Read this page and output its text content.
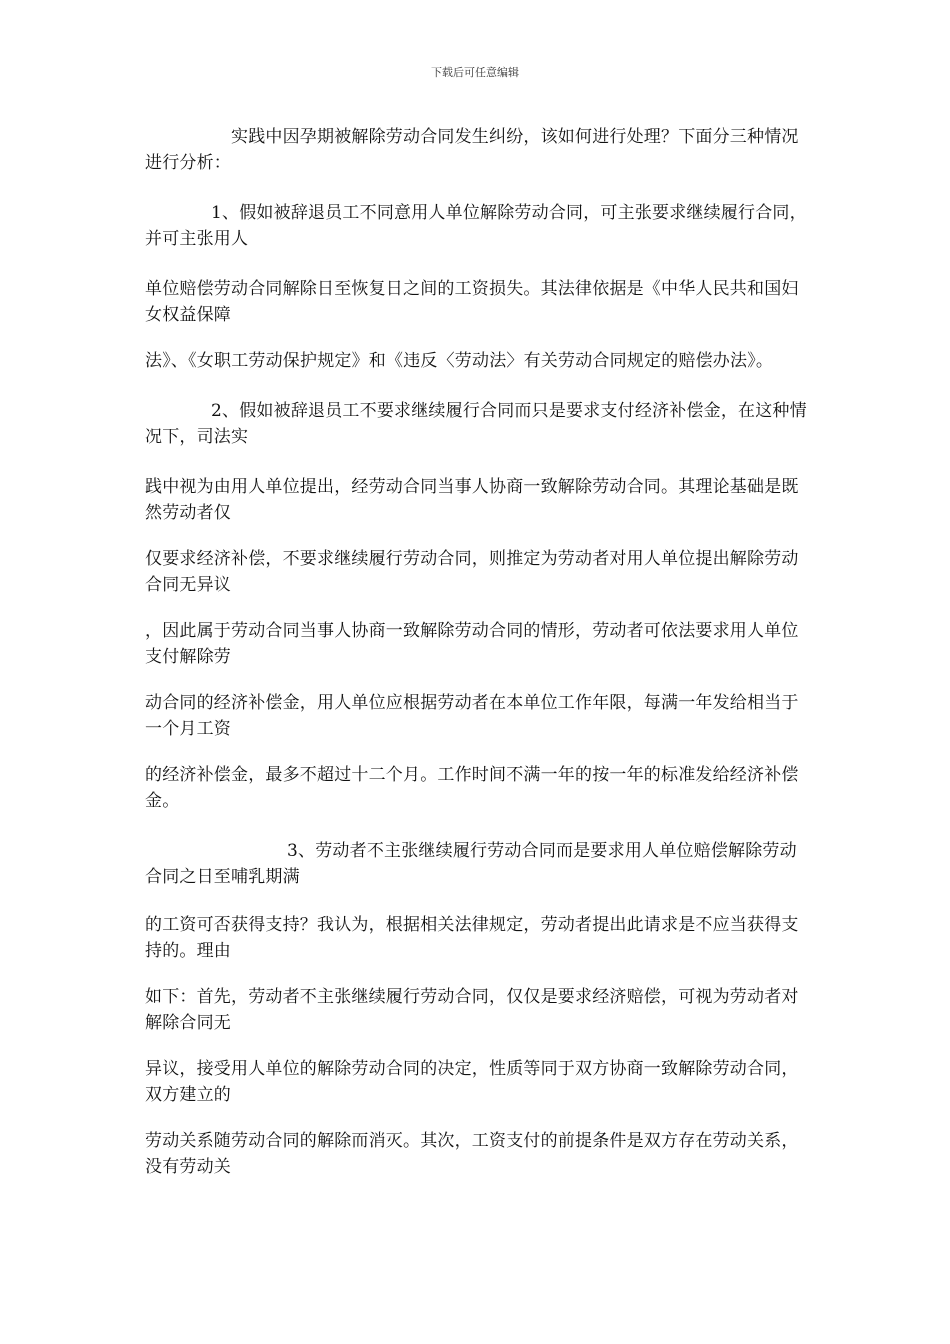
下载后可任意编辑

实践中因孕期被解除劳动合同发生纠纷，该如何进行处理？下面分三种情况进行分析：

1、假如被辞退员工不同意用人单位解除劳动合同，可主张要求继续履行合同，并可主张用人

单位赔偿劳动合同解除日至恢复日之间的工资损失。其法律依据是《中华人民共和国妇女权益保障

法》、《女职工劳动保护规定》和《违反〈劳动法〉有关劳动合同规定的赔偿办法》。

2、假如被辞退员工不要求继续履行合同而只是要求支付经济补偿金，在这种情况下，司法实

践中视为由用人单位提出，经劳动合同当事人协商一致解除劳动合同。其理论基础是既然劳动者仅

仅要求经济补偿，不要求继续履行劳动合同，则推定为劳动者对用人单位提出解除劳动合同无异议

，因此属于劳动合同当事人协商一致解除劳动合同的情形，劳动者可依法要求用人单位支付解除劳

动合同的经济补偿金，用人单位应根据劳动者在本单位工作年限，每满一年发给相当于一个月工资

的经济补偿金，最多不超过十二个月。工作时间不满一年的按一年的标准发给经济补偿金。

3、劳动者不主张继续履行劳动合同而是要求用人单位赔偿解除劳动合同之日至哺乳期满

的工资可否获得支持？我认为，根据相关法律规定，劳动者提出此请求是不应当获得支持的。理由

如下：首先，劳动者不主张继续履行劳动合同，仅仅是要求经济赔偿，可视为劳动者对解除合同无

异议，接受用人单位的解除劳动合同的决定，性质等同于双方协商一致解除劳动合同，双方建立的

劳动关系随劳动合同的解除而消灭。其次，工资支付的前提条件是双方存在劳动关系，没有劳动关
